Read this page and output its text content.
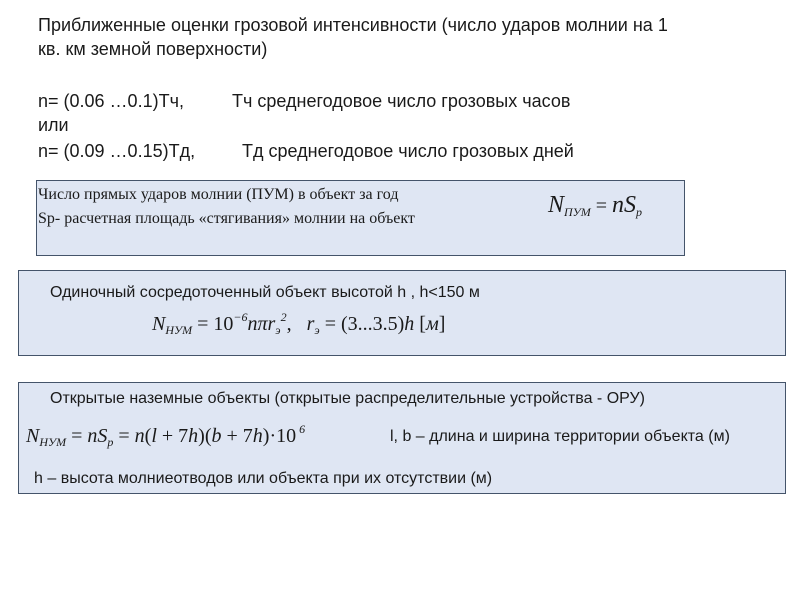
Приближенные оценки грозовой интенсивности (число ударов молнии на 1
кв. км земной поверхности)
n= (0.06 …0.1)Тч,	Тч среднегодовое число грозовых часов
или
n= (0.09 …0.15)Тд,	Тд среднегодовое число грозовых дней
Число прямых ударов молнии (ПУМ) в объект за год
Sp- расчетная площадь «стягивания» молнии на объект
$N_{ПУМ} = nS_p$
Одиночный сосредоточенный объект высотой h , h<150 м
$N_{НУМ} = 10^{-6}n\pi r_э^2$,   $r_э = (3...3.5)h$ [м]
Открытые наземные объекты (открытые распределительные устройства - ОРУ)
$N_{НУМ} = nS_p = n(l + 7h)(b + 7h)\cdot 10$ $^6$	l, b – длина и ширина территории объекта (м)
h – высота молниеотводов или объекта при их отсутствии (м)
